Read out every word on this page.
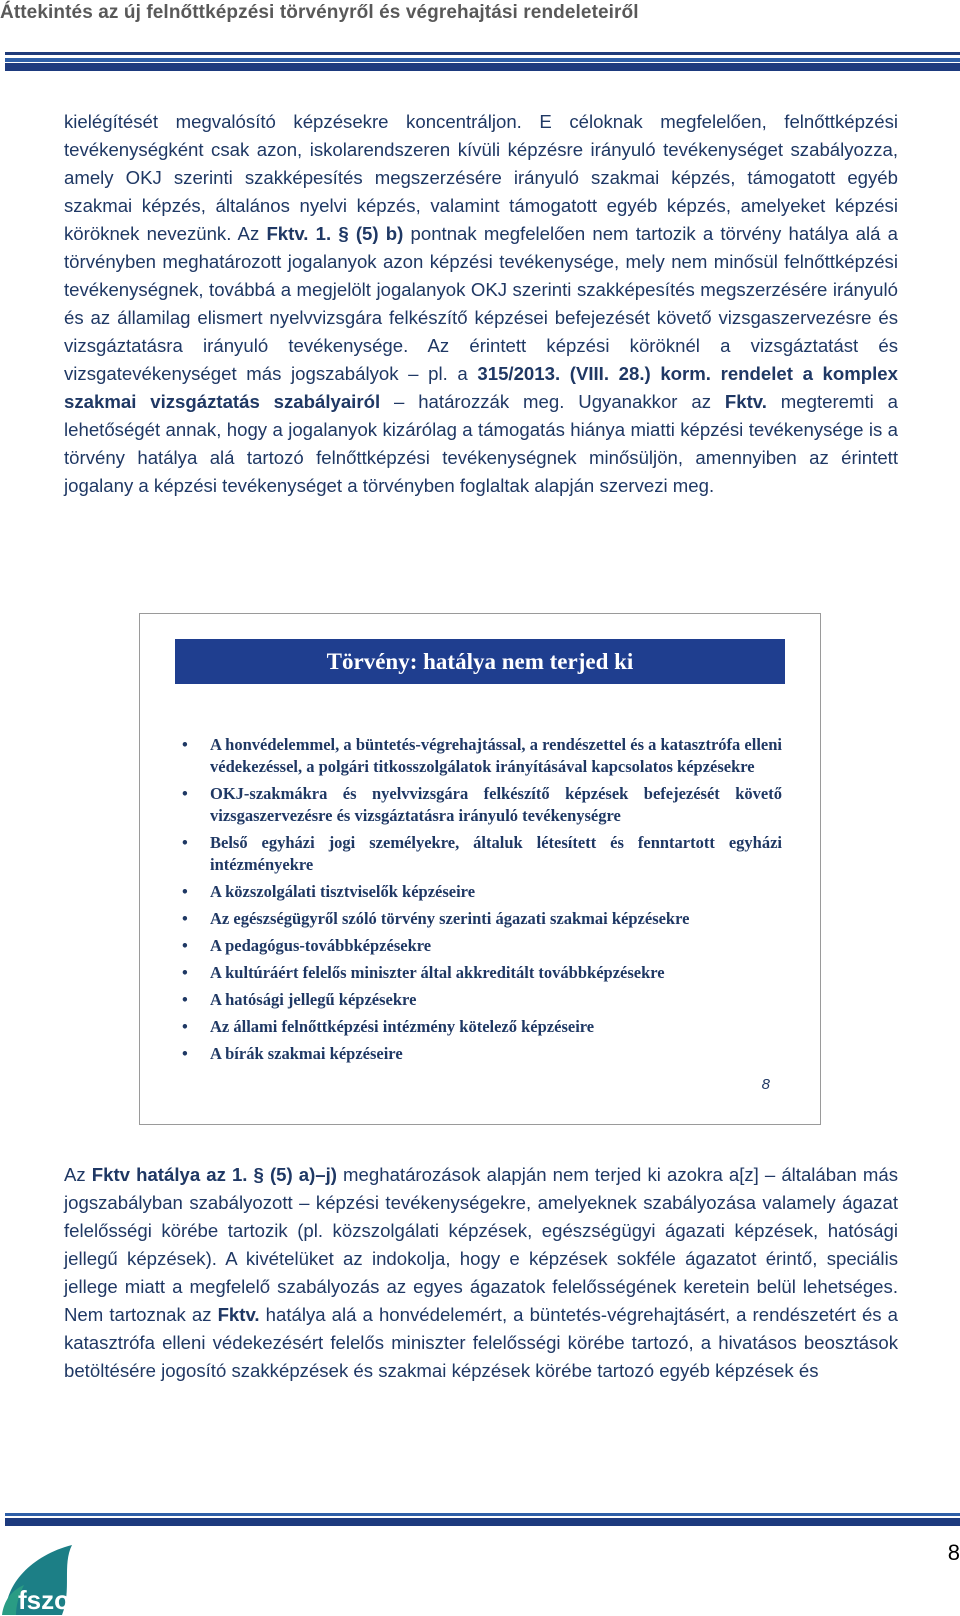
Áttekintés az új felnőttképzési törvényről és végrehajtási rendeleteiről

kielégítését megvalósító képzésekre koncentráljon. E céloknak megfelelően, felnőttképzési tevékenységként csak azon, iskolarendszeren kívüli képzésre irányuló tevékenységet szabályozza, amely OKJ szerinti szakképesítés megszerzésére irányuló szakmai képzés, támogatott egyéb szakmai képzés, általános nyelvi képzés, valamint támogatott egyéb képzés, amelyeket képzési köröknek nevezünk. Az Fktv. 1. § (5) b) pontnak megfelelően nem tartozik a törvény hatálya alá a törvényben meghatározott jogalanyok azon képzési tevékenysége, mely nem minősül felnőttképzési tevékenységnek, továbbá a megjelölt jogalanyok OKJ szerinti szakképesítés megszerzésére irányuló és az államilag elismert nyelvvizsgára felkészítő képzései befejezését követő vizsgaszervezésre és vizsgáztatásra irányuló tevékenysége. Az érintett képzési köröknél a vizsgáztatást és vizsgatevékenységet más jogszabályok – pl. a 315/2013. (VIII. 28.) korm. rendelet a komplex szakmai vizsgáztatás szabályairól – határozzák meg. Ugyanakkor az Fktv. megteremti a lehetőségét annak, hogy a jogalanyok kizárólag a támogatás hiánya miatti képzési tevékenysége is a törvény hatálya alá tartozó felnőttképzési tevékenységnek minősüljön, amennyiben az érintett jogalany a képzési tevékenységet a törvényben foglaltak alapján szervezi meg.

Törvény: hatálya nem terjed ki
•	A honvédelemmel, a büntetés-végrehajtással, a rendészettel és a katasztrófa elleni védekezéssel, a polgári titkosszolgálatok irányításával kapcsolatos képzésekre
•	OKJ-szakmákra és nyelvvizsgára felkészítő képzések befejezését követő vizsgaszervezésre és vizsgáztatásra irányuló tevékenységre
•	Belső egyházi jogi személyekre, általuk létesített és fenntartott egyházi intézményekre
•	A közszolgálati tisztviselők képzéseire
•	Az egészségügyről szóló törvény szerinti ágazati szakmai képzésekre
•	A pedagógus-továbbképzésekre
•	A kultúráért felelős miniszter által akkreditált továbbképzésekre
•	A hatósági jellegű képzésekre
•	Az állami felnőttképzési intézmény kötelező képzéseire
•	A bírák szakmai képzéseire
8

Az Fktv hatálya az 1. § (5) a)–j) meghatározások alapján nem terjed ki azokra a[z] – általában más jogszabályban szabályozott – képzési tevékenységekre, amelyeknek szabályozása valamely ágazat felelősségi körébe tartozik (pl. közszolgálati képzések, egészségügyi ágazati képzések, hatósági jellegű képzések). A kivételüket az indokolja, hogy e képzések sokféle ágazatot érintő, speciális jellege miatt a megfelelő szabályozás az egyes ágazatok felelősségének keretein belül lehetséges. Nem tartoznak az Fktv. hatálya alá a honvédelemért, a büntetés-végrehajtásért, a rendészetért és a katasztrófa elleni védekezésért felelős miniszter felelősségi körébe tartozó, a hivatásos beosztások betöltésére jogosító szakképzések és szakmai képzések körébe tartozó egyéb képzések és

fszoe
8
